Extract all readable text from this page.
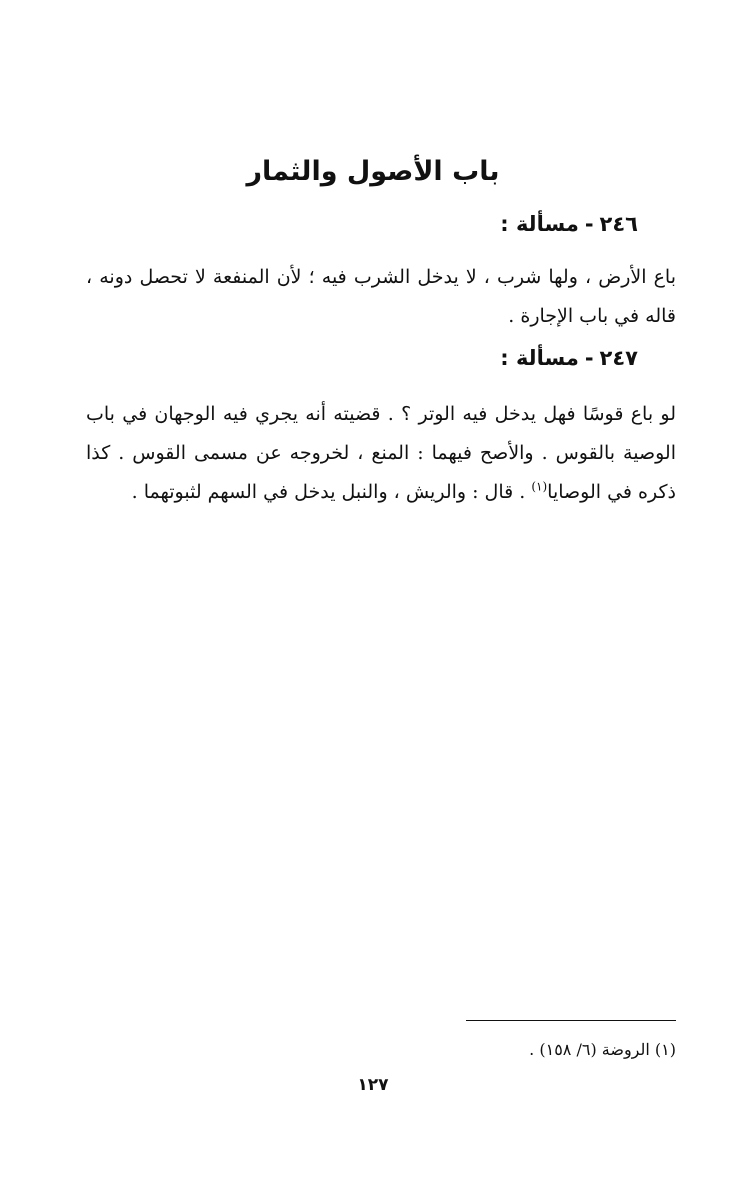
باب الأصول والثمار
٢٤٦-مسألة :
باع الأرض ، ولها شرب ، لا يدخل الشرب فيه ؛ لأن المنفعة لا تحصل دونه ، قاله في باب الإجارة .
٢٤٧-مسألة :
لو باع قوسًا فهل يدخل فيه الوتر ؟ . قضيته أنه يجري فيه الوجهان في باب الوصية بالقوس . والأصح فيهما : المنع ، لخروجه عن مسمى القوس . كذا ذكره في الوصايا$^{(١)}$ . قال : والريش ، والنبل يدخل في السهم لثبوتهما .
(١) الروضة (٦/ ١٥٨) .
١٢٧
